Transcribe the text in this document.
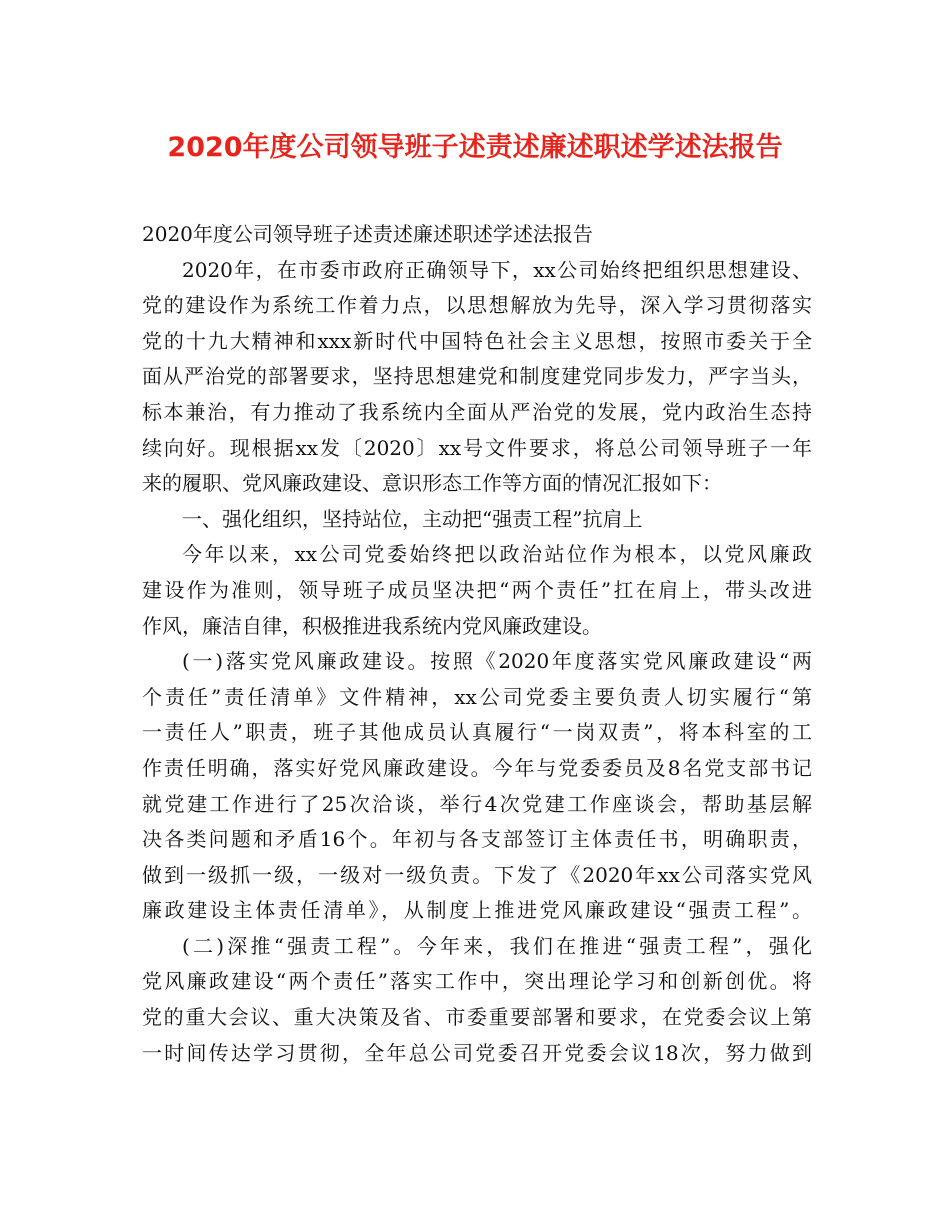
2020年度公司领导班子述责述廉述职述学述法报告
2020年度公司领导班子述责述廉述职述学述法报告
2020年，在市委市政府正确领导下，xx公司始终把组织思想建设、
党的建设作为系统工作着力点，以思想解放为先导，深入学习贯彻落实
党的十九大精神和xxx新时代中国特色社会主义思想，按照市委关于全
面从严治党的部署要求，坚持思想建党和制度建党同步发力，严字当头，
标本兼治，有力推动了我系统内全面从严治党的发展，党内政治生态持
续向好。现根据xx发〔2020〕xx号文件要求，将总公司领导班子一年
来的履职、党风廉政建设、意识形态工作等方面的情况汇报如下：
一、强化组织，坚持站位，主动把“强责工程”抗肩上
今年以来，xx公司党委始终把以政治站位作为根本，以党风廉政
建设作为准则，领导班子成员坚决把“两个责任”扛在肩上，带头改进
作风，廉洁自律，积极推进我系统内党风廉政建设。
(一)落实党风廉政建设。按照《2020年度落实党风廉政建设“两
个责任”责任清单》文件精神，xx公司党委主要负责人切实履行“第
一责任人”职责，班子其他成员认真履行“一岗双责”，将本科室的工
作责任明确，落实好党风廉政建设。今年与党委委员及8名党支部书记
就党建工作进行了25次洽谈，举行4次党建工作座谈会，帮助基层解
决各类问题和矛盾16个。年初与各支部签订主体责任书，明确职责，
做到一级抓一级，一级对一级负责。下发了《2020年xx公司落实党风
廉政建设主体责任清单》，从制度上推进党风廉政建设“强责工程”。
(二)深推“强责工程”。今年来，我们在推进“强责工程”，强化
党风廉政建设“两个责任”落实工作中，突出理论学习和创新创优。将
党的重大会议、重大决策及省、市委重要部署和要求，在党委会议上第
一时间传达学习贯彻，全年总公司党委召开党委会议18次，努力做到
